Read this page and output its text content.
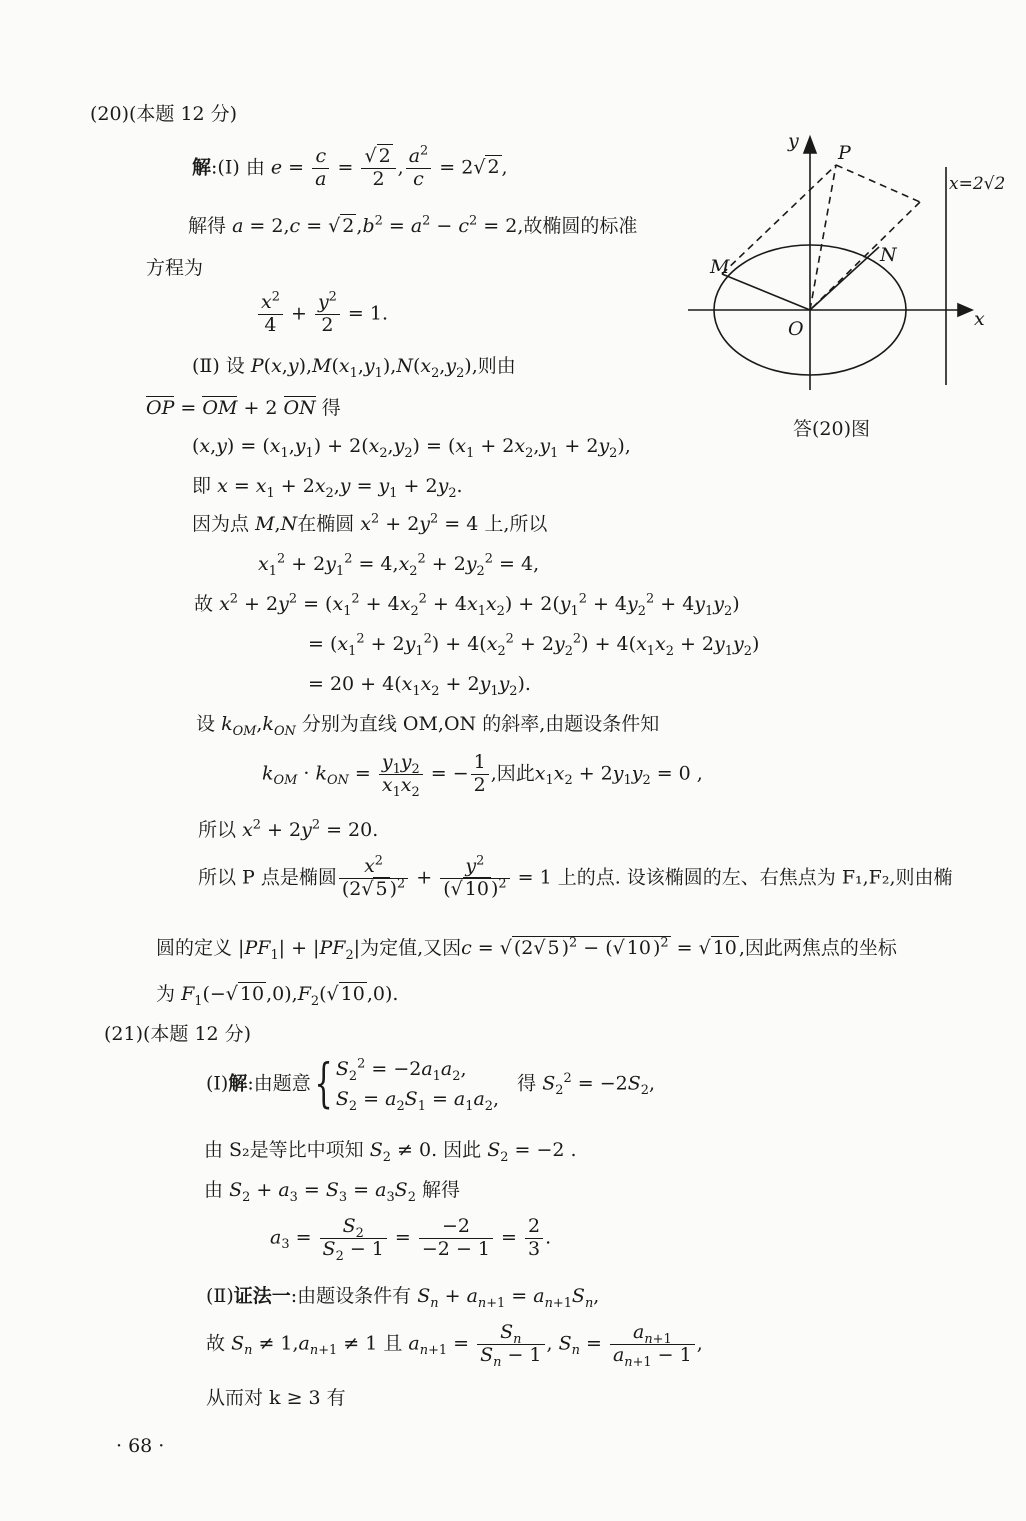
(20)(本题 12 分)
解:(Ⅰ) 由 $e = \frac{c}{a} = \frac{√ 2}{2}$ , $\frac{a^2}{c} = 2√$ 2 ,
解得 a = 2,c = √ 2 $,b^2 = a^2 - c^2 = 2$,故椭圆的标准
方程为
$\frac{x^2}{4} + \frac{y^2}{2} = 1$.
(Ⅱ) 设 $P(x,y),M(x_1,y_1),N(x_2,y_2)$,则由
OP = OM + 2 ON 得
$(x,y) = (x_1,y_1) + 2(x_2,y_2) = (x_1 + 2x_2,y_1 + 2y_2)$,
即 $x = x_1 + 2x_2,y = y_1 + 2y_2$.
因为点 M,N在椭圆 $x^2 + 2y^2 = 4$ 上,所以
$x_1^2 + 2y_1^2 = 4,x_2^2 + 2y_2^2 = 4$,
故 $x^2 + 2y^2 = (x_1^2 + 4x_2^2 + 4x_1x_2) + 2(y_1^2 + 4y_2^2 + 4y_1y_2)$
= $(x_1^2 + 2y_1^2) + 4(x_2^2 + 2y_2^2) + 4(x_1x_2 + 2y_1y_2)$
= $20 + 4(x_1x_2 + 2y_1y_2)$.
设 $k_{OM},k_{ON}$ 分别为直线 OM,ON 的斜率,由题设条件知
$k_{OM} \cdot k_{ON} = \frac{y_1y_2}{x_1x_2}$ = − $\frac{1}{2}$ ,因此$x_1x_2 + 2y_1y_2 = 0$ ,
所以 $x^2 + 2y^2 = 20$.
所以 P 点是椭圆 $\frac{x^2}{(2√ 5 )^2} + \frac{y^2}{(√ 10 )^2} = 1$ 上的点. 设该椭圆的左、右焦点为 F₁,F₂,则由椭
圆的定义 $|PF_1| + |PF_2|$为定值,又因c = √ (2√ 5 )$^2$ − (√ 10 )$^2$ = √ 10 ,因此两焦点的坐标
为 $F_1(-√$ 10 $,0),F_2(√$ 10 ,0).
y
P
M
N
O	x
x=2√2
答(20)图
(21)(本题 12 分)
(Ⅰ)解:由题意{ $S_2^2 = -2a_1a_2$,
$S_2 = a_2S_1 = a_1a_2$,
得 $S_2^2 = -2S_2$,
由 S₂是等比中项知 $S_2 \ne 0$. 因此 $S_2 = -2$ .
由 $S_2 + a_3 = S_3 = a_3S_2$ 解得
$a_3 = \frac{S_2}{S_2 - 1} = \frac{-2}{-2 - 1} = \frac{2}{3}$ .
(Ⅱ)证法一:由题设条件有 $S_n + a_{n+1} = a_{n+1}S_n$,
故 $S_n \ne 1,a_{n+1} \ne 1$ 且 $a_{n+1} = \frac{S_n}{S_n - 1}$ , $S_n = \frac{a_{n+1}}{a_{n+1} - 1}$ ,
从而对 k ≥ 3 有
· 68 ·
